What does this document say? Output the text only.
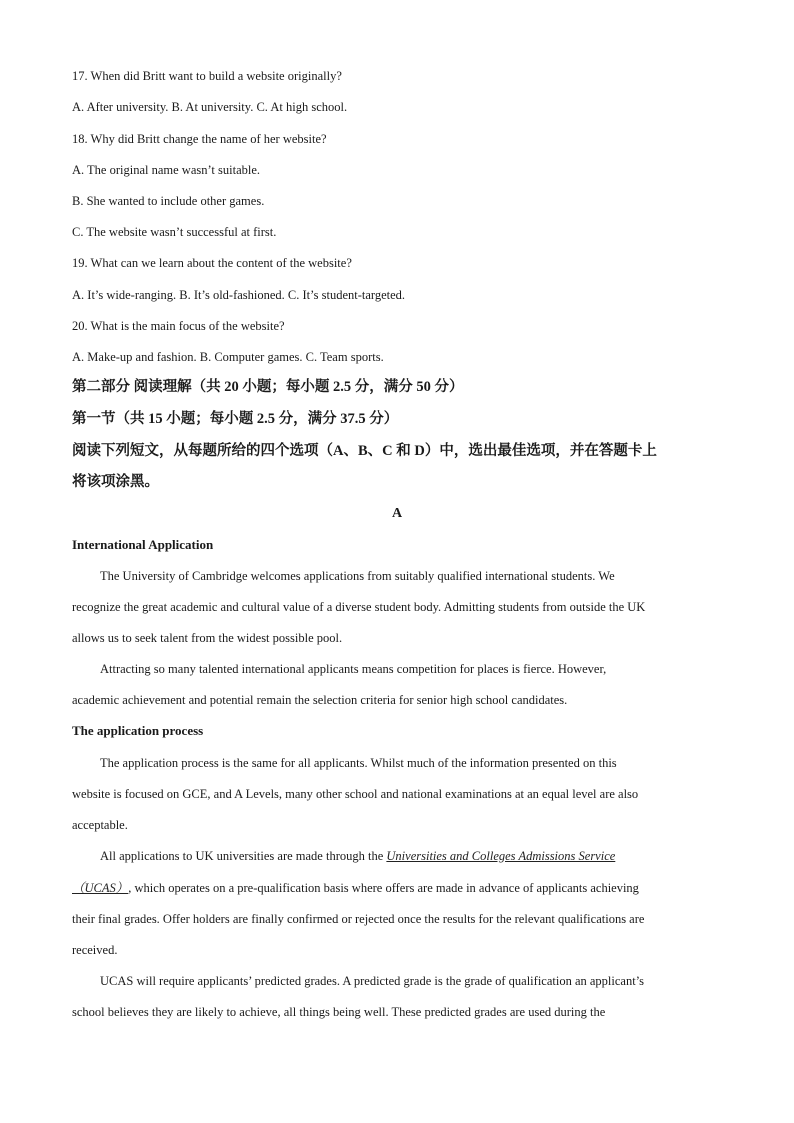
17. When did Britt want to build a website originally?
A. After university. B. At university. C. At high school.
18. Why did Britt change the name of her website?
A. The original name wasn’t suitable.
B. She wanted to include other games.
C. The website wasn’t successful at first.
19. What can we learn about the content of the website?
A. It’s wide-ranging. B. It’s old-fashioned. C. It’s student-targeted.
20. What is the main focus of the website?
A. Make-up and fashion. B. Computer games. C. Team sports.
第二部分 阅读理解（共 20 小题；每小题 2.5 分，满分 50 分）
第一节（共 15 小题；每小题 2.5 分，满分 37.5 分）
阅读下列短文，从每题所给的四个选项（A、B、C 和 D）中，选出最佳选项，并在答题卡上
将该项涂黑。
A
International Application
The University of Cambridge welcomes applications from suitably qualified international students. We
recognize the great academic and cultural value of a diverse student body. Admitting students from outside the UK
allows us to seek talent from the widest possible pool.
Attracting so many talented international applicants means competition for places is fierce. However,
academic achievement and potential remain the selection criteria for senior high school candidates.
The application process
The application process is the same for all applicants. Whilst much of the information presented on this
website is focused on GCE, and A Levels, many other school and national examinations at an equal level are also
acceptable.
All applications to UK universities are made through the Universities and Colleges Admissions Service
（UCAS）, which operates on a pre-qualification basis where offers are made in advance of applicants achieving
their final grades. Offer holders are finally confirmed or rejected once the results for the relevant qualifications are
received.
UCAS will require applicants’ predicted grades. A predicted grade is the grade of qualification an applicant’s
school believes they are likely to achieve, all things being well. These predicted grades are used during the
